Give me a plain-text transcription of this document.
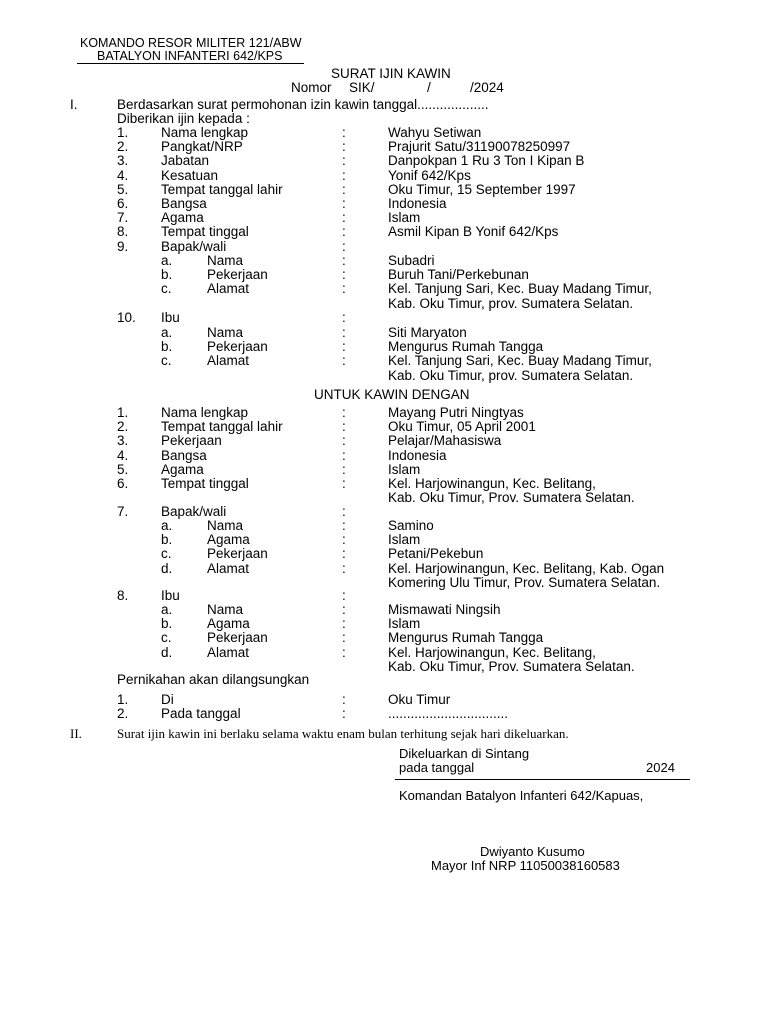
KOMANDO RESOR MILITER 121/ABW
BATALYON INFANTERI 642/KPS
SURAT IJIN KAWIN
Nomor SIK/	/	/2024
I.	Berdasarkan surat permohonan izin kawin tanggal...................
Diberikan ijin kepada :
1. Nama lengkap	:	Wahyu Setiwan
2. Pangkat/NRP	:	Prajurit Satu/31190078250997
3. Jabatan	:	Danpokpan 1 Ru 3 Ton I Kipan B
4. Kesatuan	:	Yonif 642/Kps
5. Tempat tanggal lahir	:	Oku Timur, 15 September 1997
6. Bangsa	:	Indonesia
7. Agama	:	Islam
8. Tempat tinggal	:	Asmil Kipan B Yonif 642/Kps
9. Bapak/wali	:
a.	Nama	:	Subadri
b.	Pekerjaan	:	Buruh Tani/Perkebunan
c.	Alamat	:	Kel. Tanjung Sari, Kec. Buay Madang Timur,
Kab. Oku Timur, prov. Sumatera Selatan.
10. Ibu	:
a.	Nama	:	Siti Maryaton
b.	Pekerjaan	:	Mengurus Rumah Tangga
c.	Alamat	:	Kel. Tanjung Sari, Kec. Buay Madang Timur,
Kab. Oku Timur, prov. Sumatera Selatan.
1. Nama lengkap	:	Mayang Putri Ningtyas
2. Tempat tanggal lahir	:	Oku Timur, 05 April 2001
3. Pekerjaan	:	Pelajar/Mahasiswa
4. Bangsa	:	Indonesia
5. Agama	:	Islam
6. Tempat tinggal	:	Kel. Harjowinangun, Kec. Belitang,
Kab. Oku Timur, Prov. Sumatera Selatan.
7. Bapak/wali	:
a.	Nama	:	Samino
b.	Agama	:	Islam
c.	Pekerjaan	:	Petani/Pekebun
d.	Alamat	:	Kel. Harjowinangun, Kec. Belitang, Kab. Ogan
Komering Ulu Timur, Prov. Sumatera Selatan.
8. Ibu	:
a.	Nama	:	Mismawati Ningsih
b.	Agama	:	Islam
c.	Pekerjaan	:	Mengurus Rumah Tangga
d.	Alamat	:	Kel. Harjowinangun, Kec. Belitang,
Kab. Oku Timur, Prov. Sumatera Selatan.
1. Di	:	Oku Timur
2. Pada tanggal	:	................................
UNTUK KAWIN DENGAN
Pernikahan akan dilangsungkan
II.	Surat ijin kawin ini berlaku selama waktu enam bulan terhitung sejak hari dikeluarkan.
Dikeluarkan di Sintang
pada tanggal	2024
Komandan Batalyon Infanteri 642/Kapuas,
Dwiyanto Kusumo
Mayor Inf NRP 11050038160583
